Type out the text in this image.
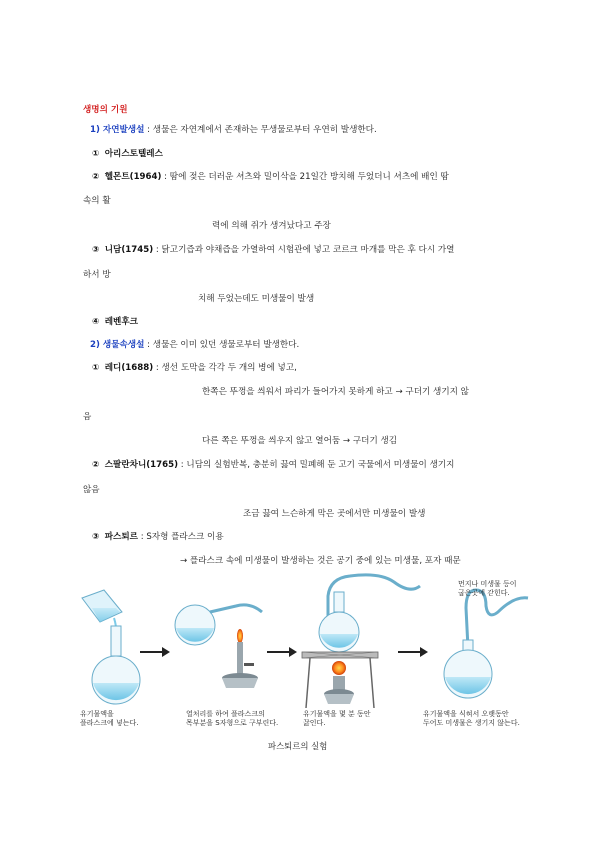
생명의 기원
1) 자연발생설 : 생물은 자연계에서 존재하는 무생물로부터 우연히 발생한다.
① 아리스토텔레스
② 헬몬트(1964) : 땀에 젖은 더러운 셔츠와 밀이삭을 21일간 방치해 두었더니 셔츠에 배인 땀
속의 활
력에 의해 쥐가 생겨났다고 주장
③ 니담(1745) : 닭고기즙과 야채즙을 가열하여 시험관에 넣고 코르크 마개를 막은 후 다시 가열
하서 방
치해 두었는데도 미생물이 발생
④ 레벤후크
2) 생물속생설 : 생물은 이미 있던 생물로부터 발생한다.
① 레디(1688) : 생선 도막을 각각 두 개의 병에 넣고,
한쪽은 뚜껑을 씌워서 파리가 들어가지 못하게 하고 → 구더기 생기지 않
음
다른 쪽은 뚜껑을 씌우지 않고 열어둠 → 구더기 생김
② 스팔란차니(1765) : 니담의 실험반복, 충분히 끓여 밀폐해 둔 고기 국물에서 미생물이 생기지
않음
조금 끓여 느슨하게 막은 곳에서만 미생물이 발생
③ 파스퇴르 : S자형 플라스크 이용
→ 플라스크 속에 미생물이 발생하는 것은 공기 중에 있는 미생물, 포자 때문
유기물액을
플라스크에 넣는다.
열처리를 하여 플라스크의
목부분을 S자형으로 구부린다.
유기물액을 몇 분 동안
끓인다.
유기물액을 식혀서 오랫동안
두어도 미생물은 생기지 않는다.
먼지나 미생물 등이
굽은곳에 갇힌다.
파스퇴르의 실험
